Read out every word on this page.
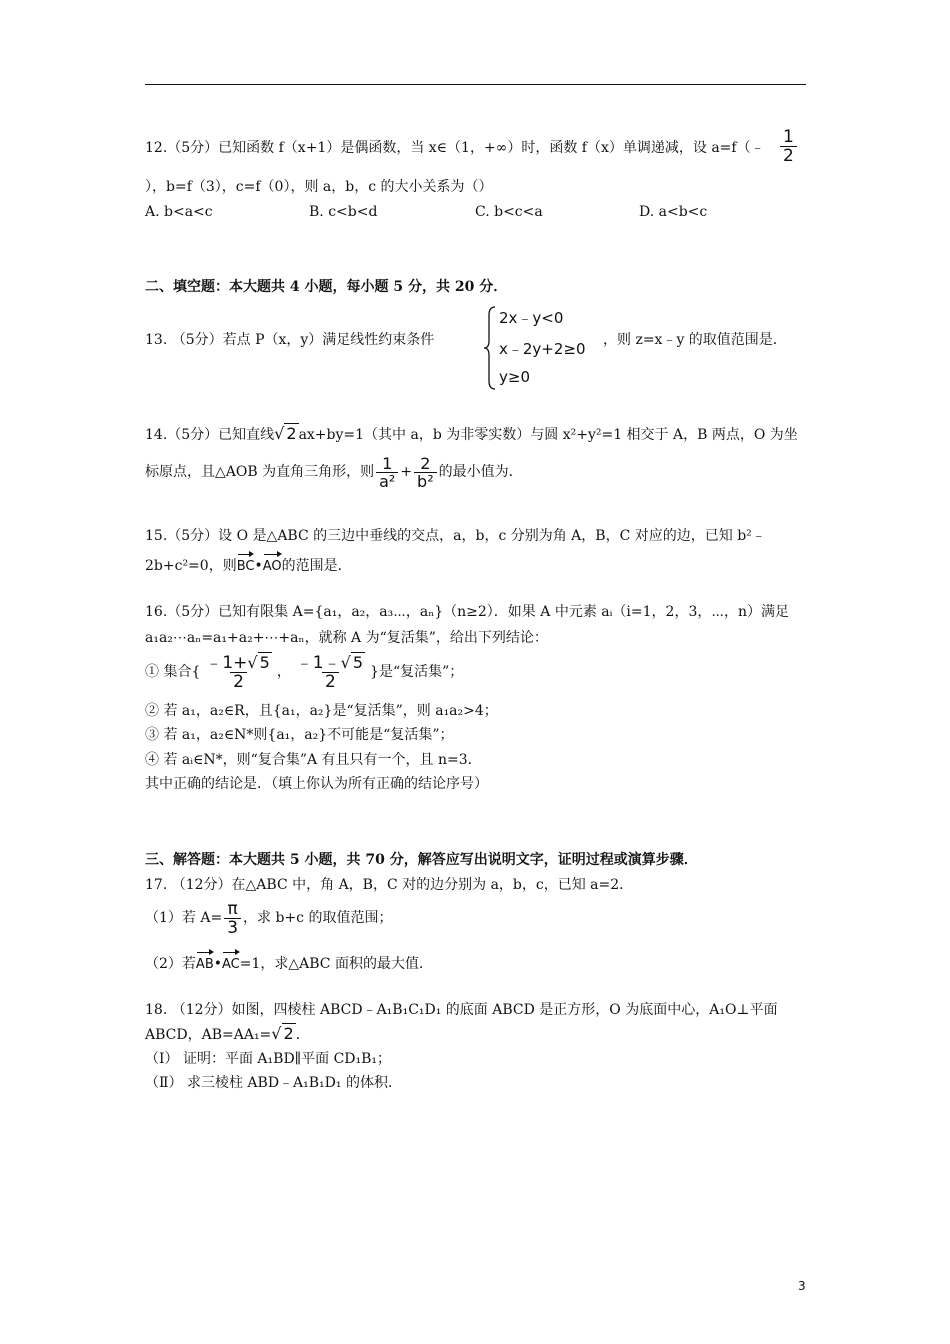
12.（5分）已知函数 f（x+1）是偶函数，当 x∈（1，+∞）时，函数 f（x）单调递减，设 a=f（﹣ $\frac{1}{2}$
），b=f（3），c=f（0），则 a，b，c 的大小关系为（）
A. b<a<c	B. c<b<d	C. b<c<a	D. a<b<c
二、填空题：本大题共 4 小题，每小题 5 分，共 20 分．
13. （5分）若点 P（x，y）满足线性约束条件
2x﹣y<0
x﹣2y+2≥0
y≥0
，则 z=x﹣y 的取值范围是．
14.（5分）已知直线√ 2 ax+by=1（其中 a，b 为非零实数）与圆 x²+y²=1 相交于 A，B 两点，O 为坐
标原点，且△AOB 为直角三角形，则 $\frac{1}{\text{a²}} + \frac{2}{\text{b²}}$ 的最小值为．
15.（5分）设 O 是△ABC 的三边中垂线的交点，a，b，c 分别为角 A，B，C 对应的边，已知 b²﹣
2b+c²=0，则BC•AO的范围是．
16.（5分）已知有限集 A={a₁，a₂，a₃⋯，aₙ}（n≥2）．如果 A 中元素 aᵢ（i=1，2，3，⋯，n）满足
a₁a₂⋯aₙ=a₁+a₂+⋯+aₙ，就称 A 为“复活集”，给出下列结论：
① 集合{ $\frac{﹣1+√ 5}{2}$ ， $\frac{﹣1﹣√ 5}{2}$ }是“复活集”；
② 若 a₁，a₂∈R，且{a₁，a₂}是“复活集”，则 a₁a₂>4；
③ 若 a₁，a₂∈N*则{a₁，a₂}不可能是“复活集”；
④ 若 aᵢ∈N*，则“复合集”A 有且只有一个，且 n=3．
其中正确的结论是．（填上你认为所有正确的结论序号）
三、解答题：本大题共 5 小题，共 70 分，解答应写出说明文字，证明过程或演算步骤．
17. （12分）在△ABC 中，角 A，B，C 对的边分别为 a，b，c，已知 a=2．
（1）若 $A= \frac{\pi}{3}$ ，求 b+c 的取值范围；
（2）若AB•AC=1，求△ABC 面积的最大值．
18. （12分）如图，四棱柱 ABCD﹣A₁B₁C₁D₁ 的底面 ABCD 是正方形，O 为底面中心，A₁O⊥平面
ABCD，AB=AA₁=√ 2 ．
（Ⅰ） 证明：平面 A₁BD∥平面 CD₁B₁；
（Ⅱ） 求三棱柱 ABD﹣A₁B₁D₁ 的体积．
3
